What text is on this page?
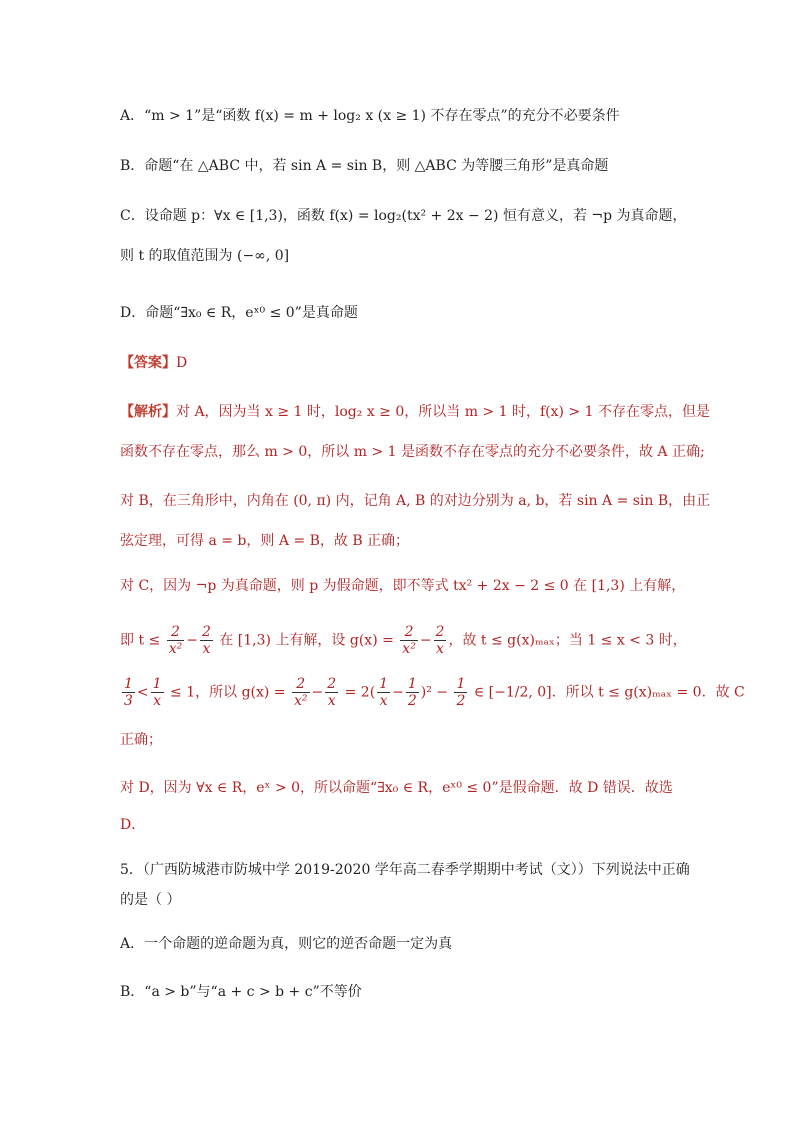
A．“m > 1”是“函数 f(x) = m + log₂ x (x ≥ 1) 不存在零点”的充分不必要条件
B．命题“在 △ABC 中，若 sin A = sin B，则 △ABC 为等腰三角形”是真命题
C．设命题 p：∀x ∈ [1,3)，函数 f(x) = log₂(tx² + 2x − 2) 恒有意义，若 ¬p 为真命题，
则 t 的取值范围为 (−∞, 0]
D．命题“∃x₀ ∈ R，eˣ⁰ ≤ 0”是真命题
【答案】D
【解析】对 A，因为当 x ≥ 1 时，log₂ x ≥ 0，所以当 m > 1 时，f(x) > 1 不存在零点，但是
函数不存在零点，那么 m > 0，所以 m > 1 是函数不存在零点的充分不必要条件，故 A 正确;
对 B，在三角形中，内角在 (0, π) 内，记角 A, B 的对边分别为 a, b，若 sin A = sin B，由正
弦定理，可得 a = b，则 A = B，故 B 正确；
对 C，因为 ¬p 为真命题，则 p 为假命题，即不等式 tx² + 2x − 2 ≤ 0 在 [1,3) 上有解，
即 $t \le \frac{2}{\text{x²}} - \frac{2}{x}$ 在 [1,3) 上有解，设 $g(x) = \frac{2}{\text{x²}} - \frac{2}{x}$ ，故 t ≤ g(x)ₘₐₓ；当 1 ≤ x < 3 时，
$\frac{1}{3} < \frac{1}{x} \le 1$，所以 $g(x) = \frac{2}{\text{x²}} - \frac{2}{x} = 2( \frac{1}{x} - \frac{1}{2} )^2 - \frac{1}{2}$ ∈ [−1/2, 0]．所以 t ≤ g(x)ₘₐₓ = 0．故 C
正确；
对 D，因为 ∀x ∈ R，eˣ > 0，所以命题“∃x₀ ∈ R，eˣ⁰ ≤ 0”是假命题．故 D 错误．故选
D．
5．（广西防城港市防城中学 2019-2020 学年高二春季学期期中考试（文））下列说法中正确
的是（ ）
A．一个命题的逆命题为真，则它的逆否命题一定为真
B．“a > b”与“a + c > b + c”不等价
